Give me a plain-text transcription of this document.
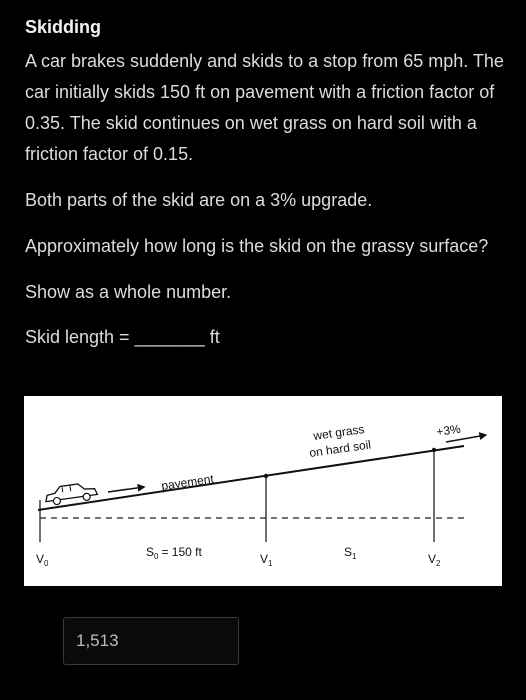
Skidding

A car brakes suddenly and skids to a stop from 65 mph. The car initially skids 150 ft on pavement with a friction factor of 0.35. The skid continues on wet grass on hard soil with a friction factor of 0.15.

Both parts of the skid are on a 3% upgrade.

Approximately how long is the skid on the grassy surface?

Show as a whole number.

Skid length = _______ ft

pavement
wet grass
on hard soil
+3%
$V_0$
$S_0 = 150$ ft	$V_1$
$S_1$	$V_2$
1,513
